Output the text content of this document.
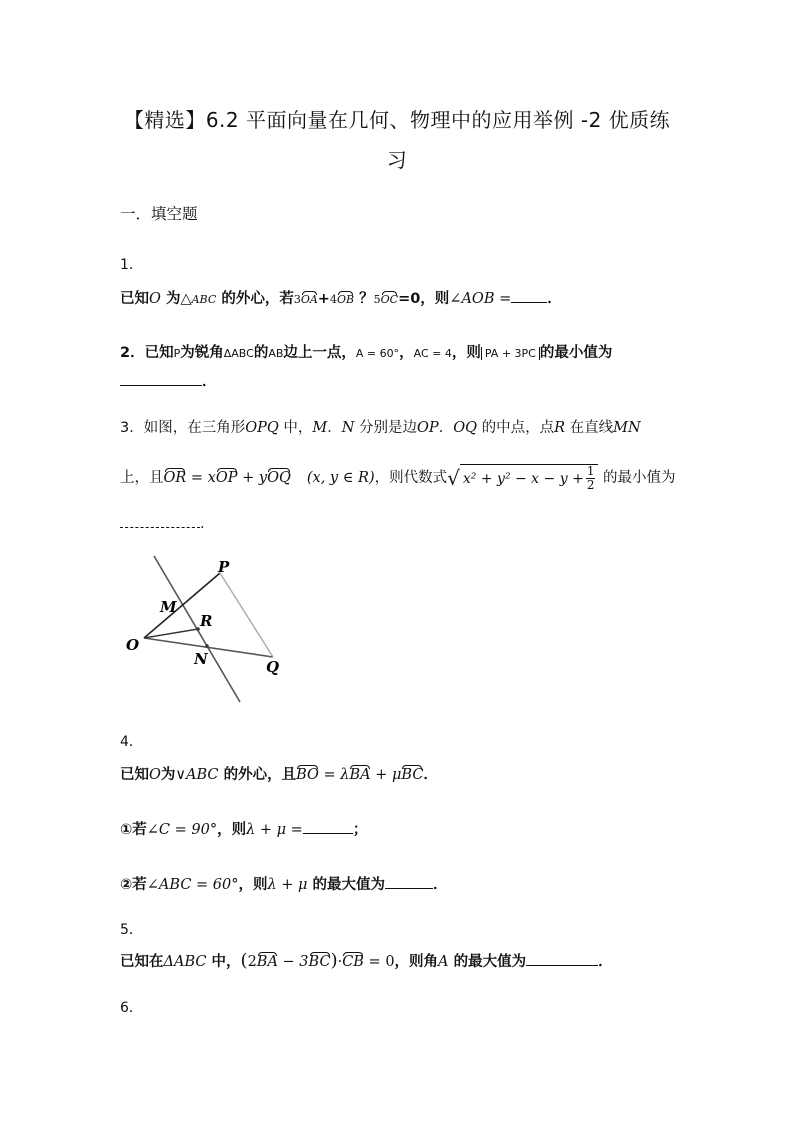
【精选】6.2 平面向量在几何、物理中的应用举例 -2 优质练
习
一．填空题
1．
已知O 为△ABC 的外心，若3OA+4OB ？5OC=0，则∠AOB = ．
2．已知P为锐角ΔABC的AB边上一点，A = 60°，AC = 4，则 PA + 3PC 的最小值为
．
3．如图，在三角形OPQ 中，M．N 分别是边OP．OQ 的中点，点R 在直线MN
上，且OR = xOP + yOQ (x, y ∈ R)，则代数式 √ $x^2 + y^2 - x - y + \frac{1}{2}$ 的最小值为
．
P
M
R
O
N	Q
4．
已知O为∨ABC 的外心，且BO = λBA + μBC．
①若∠C = 90°，则λ + μ =	；
②若∠ABC = 60°，则λ + μ 的最大值为	．
5．
已知在ΔABC 中，(2BA − 3BC)·CB = 0，则角A 的最大值为	．
6．
